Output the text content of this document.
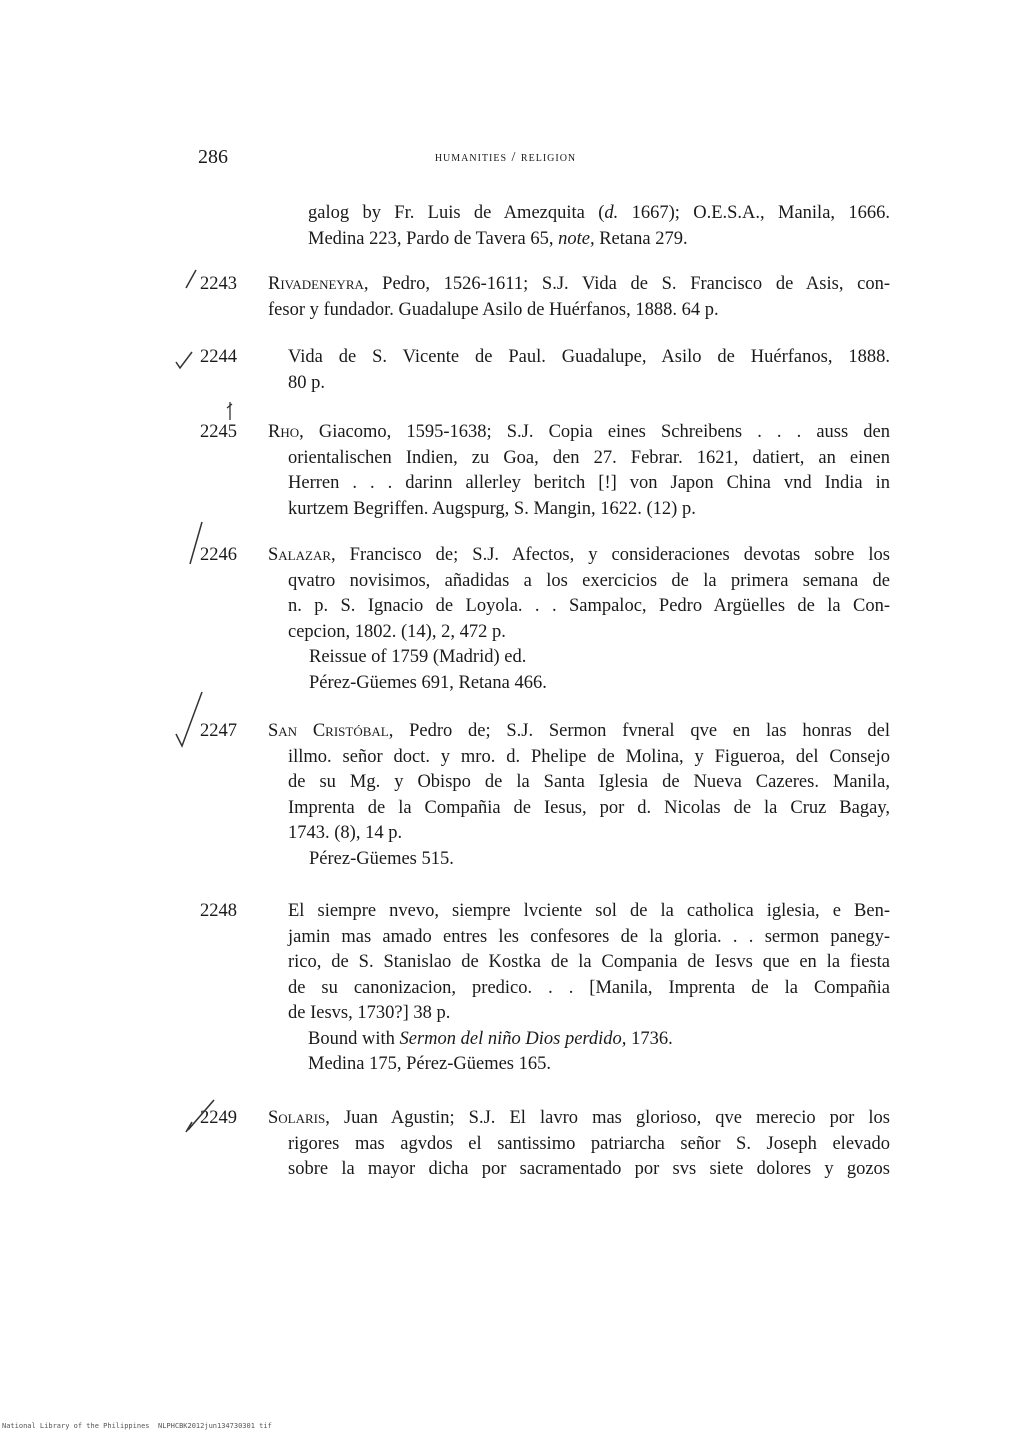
286	humanities / religion
galog by Fr. Luis de Amezquita (d. 1667); O.E.S.A., Manila, 1666.
Medina 223, Pardo de Tavera 65, note, Retana 279.
2243 Rivadeneyra, Pedro, 1526-1611; S.J. Vida de S. Francisco de Asis, con-
fesor y fundador. Guadalupe Asilo de Huérfanos, 1888. 64 p.
2244	Vida de S. Vicente de Paul. Guadalupe, Asilo de Huérfanos, 1888.
80 p.
2245 Rho, Giacomo, 1595-1638; S.J. Copia eines Schreibens . . . auss den
orientalischen Indien, zu Goa, den 27. Febrar. 1621, datiert, an einen
Herren . . . darinn allerley beritch [!] von Japon China vnd India in
kurtzem Begriffen. Augspurg, S. Mangin, 1622. (12) p.
2246 Salazar, Francisco de; S.J. Afectos, y consideraciones devotas sobre los
qvatro novisimos, añadidas a los exercicios de la primera semana de
n. p. S. Ignacio de Loyola. . . Sampaloc, Pedro Argüelles de la Con-
cepcion, 1802. (14), 2, 472 p.
Reissue of 1759 (Madrid) ed.
Pérez-Güemes 691, Retana 466.
2247 San Cristóbal, Pedro de; S.J. Sermon fvneral qve en las honras del
illmo. señor doct. y mro. d. Phelipe de Molina, y Figueroa, del Consejo
de su Mg. y Obispo de la Santa Iglesia de Nueva Cazeres. Manila,
Imprenta de la Compañia de Iesus, por d. Nicolas de la Cruz Bagay,
1743. (8), 14 p.
Pérez-Güemes 515.
2248	El siempre nvevo, siempre lvciente sol de la catholica iglesia, e Ben-
jamin mas amado entres les confesores de la gloria. . . sermon panegy-
rico, de S. Stanislao de Kostka de la Compania de Iesvs que en la fiesta
de su canonizacion, predico. . . [Manila, Imprenta de la Compañia
de Iesvs, 1730?] 38 p.
Bound with Sermon del niño Dios perdido, 1736.
Medina 175, Pérez-Güemes 165.
2249 Solaris, Juan Agustin; S.J. El lavro mas glorioso, qve merecio por los
rigores mas agvdos el santissimo patriarcha señor S. Joseph elevado
sobre la mayor dicha por sacramentado por svs siete dolores y gozos
National Library of the Philippines NLPHCBK2012jun134730301 tif
